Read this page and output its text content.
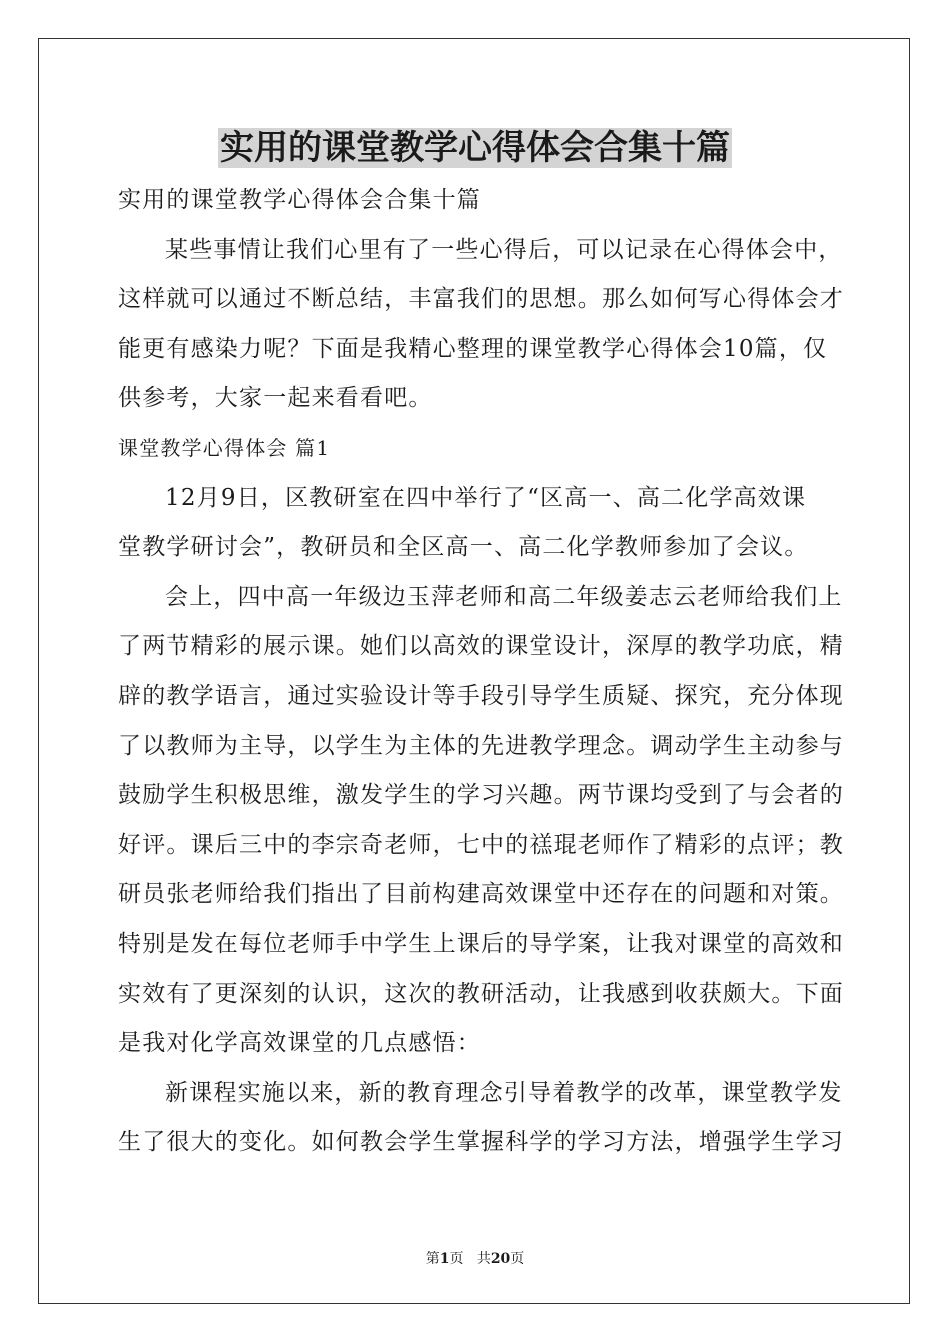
实用的课堂教学心得体会合集十篇

实用的课堂教学心得体会合集十篇

某些事情让我们心里有了一些心得后，可以记录在心得体会中，

这样就可以通过不断总结，丰富我们的思想。那么如何写心得体会才

能更有感染力呢？下面是我精心整理的课堂教学心得体会10篇，仅

供参考，大家一起来看看吧。

课堂教学心得体会 篇1

12月9日，区教研室在四中举行了“区高一、高二化学高效课

堂教学研讨会”，教研员和全区高一、高二化学教师参加了会议。

会上，四中高一年级边玉萍老师和高二年级姜志云老师给我们上

了两节精彩的展示课。她们以高效的课堂设计，深厚的教学功底，精

辟的教学语言，通过实验设计等手段引导学生质疑、探究，充分体现

了以教师为主导，以学生为主体的先进教学理念。调动学生主动参与

鼓励学生积极思维，激发学生的学习兴趣。两节课均受到了与会者的

好评。课后三中的李宗奇老师，七中的禚琨老师作了精彩的点评；教

研员张老师给我们指出了目前构建高效课堂中还存在的问题和对策。

特别是发在每位老师手中学生上课后的导学案，让我对课堂的高效和

实效有了更深刻的认识，这次的教研活动，让我感到收获颇大。下面

是我对化学高效课堂的几点感悟：

新课程实施以来，新的教育理念引导着教学的改革，课堂教学发

生了很大的变化。如何教会学生掌握科学的学习方法，增强学生学习

第1页 共20页
